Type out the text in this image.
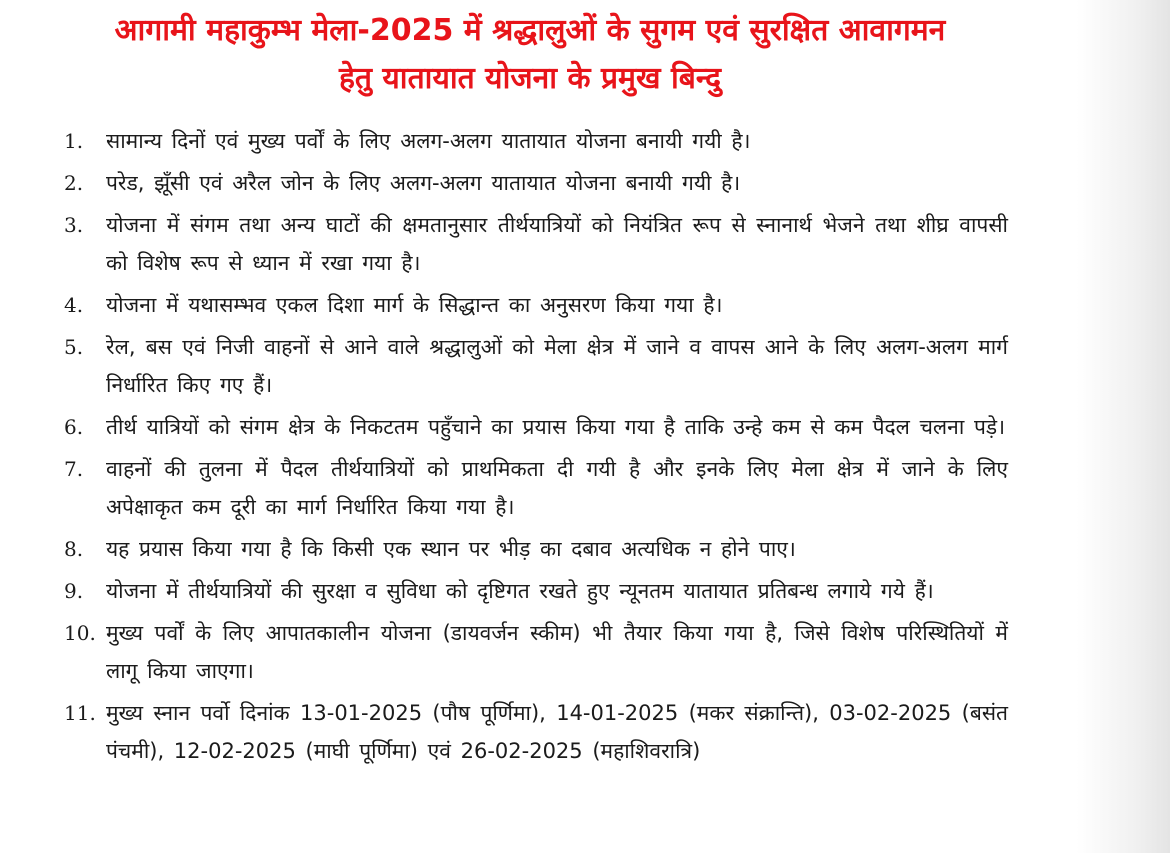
आगामी महाकुम्भ मेला-2025 में श्रद्धालुओं के सुगम एवं सुरक्षित आवागमन
हेतु यातायात योजना के प्रमुख बिन्दु
1.	सामान्य दिनों एवं मुख्य पर्वों के लिए अलग-अलग यातायात योजना बनायी गयी है।
2.	परेड, झूँसी एवं अरैल जोन के लिए अलग-अलग यातायात योजना बनायी गयी है।
3.	योजना में संगम तथा अन्य घाटों की क्षमतानुसार तीर्थयात्रियों को नियंत्रित रूप से स्नानार्थ भेजने तथा शीघ्र वापसी को विशेष रूप से ध्यान में रखा गया है।
4.	योजना में यथासम्भव एकल दिशा मार्ग के सिद्धान्त का अनुसरण किया गया है।
5.	रेल, बस एवं निजी वाहनों से आने वाले श्रद्धालुओं को मेला क्षेत्र में जाने व वापस आने के लिए अलग-अलग मार्ग निर्धारित किए गए हैं।
6.	तीर्थ यात्रियों को संगम क्षेत्र के निकटतम पहुँचाने का प्रयास किया गया है ताकि उन्हे कम से कम पैदल चलना पड़े।
7.	वाहनों की तुलना में पैदल तीर्थयात्रियों को प्राथमिकता दी गयी है और इनके लिए मेला क्षेत्र में जाने के लिए अपेक्षाकृत कम दूरी का मार्ग निर्धारित किया गया है।
8.	यह प्रयास किया गया है कि किसी एक स्थान पर भीड़ का दबाव अत्यधिक न होने पाए।
9.	योजना में तीर्थयात्रियों की सुरक्षा व सुविधा को दृष्टिगत रखते हुए न्यूनतम यातायात प्रतिबन्ध लगाये गये हैं।
10. मुख्य पर्वों के लिए आपातकालीन योजना (डायवर्जन स्कीम) भी तैयार किया गया है, जिसे विशेष परिस्थितियों में लागू किया जाएगा।
11. मुख्य स्नान पर्वो दिनांक 13-01-2025 (पौष पूर्णिमा), 14-01-2025 (मकर संक्रान्ति), 03-02-2025 (बसंत पंचमी), 12-02-2025 (माघी पूर्णिमा) एवं 26-02-2025 (महाशिवरात्रि)
